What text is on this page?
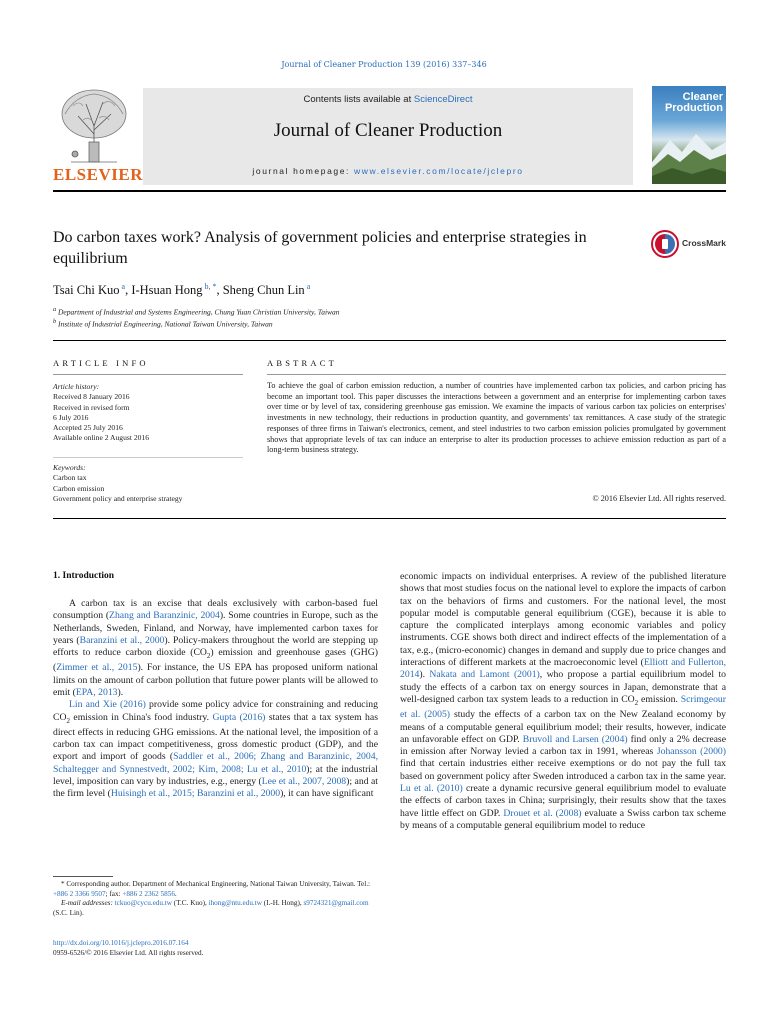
Journal of Cleaner Production 139 (2016) 337–346
ELSEVIER
Contents lists available at ScienceDirect
Journal of Cleaner Production
journal homepage: www.elsevier.com/locate/jclepro
Cleaner
Production
Do carbon taxes work? Analysis of government policies and enterprise strategies in equilibrium
CrossMark
Tsai Chi Kuo $^a$, I-Hsuan Hong $^{b, *}$, Sheng Chun Lin $^a$
$^a$ Department of Industrial and Systems Engineering, Chung Yuan Christian University, Taiwan
$^b$ Institute of Industrial Engineering, National Taiwan University, Taiwan
ARTICLE INFO
Article history:
Received 8 January 2016
Received in revised form
6 July 2016
Accepted 25 July 2016
Available online 2 August 2016
Keywords:
Carbon tax
Carbon emission
Government policy and enterprise strategy
ABSTRACT
To achieve the goal of carbon emission reduction, a number of countries have implemented carbon tax policies, and carbon pricing has become an important tool. This paper discusses the interactions between a government and an enterprise for implementing carbon taxes over time or by level of tax, considering greenhouse gas emission. We examine the impacts of various carbon tax policies on enterprises' investments in new technology, their reductions in production quantity, and governments' tax remittances. A case study of the strategic responses of three firms in Taiwan's electronics, cement, and steel industries to two carbon emission policies promulgated by government shows that appropriate levels of tax can induce an enterprise to alter its production processes to achieve emission reduction as part of a long-term business strategy.
© 2016 Elsevier Ltd. All rights reserved.
1. Introduction

A carbon tax is an excise that deals exclusively with carbon-based fuel consumption (Zhang and Baranzinic, 2004). Some countries in Europe, such as the Netherlands, Sweden, Finland, and Norway, have implemented carbon taxes for years (Baranzini et al., 2000). Policy-makers throughout the world are stepping up efforts to reduce carbon dioxide $(CO_2)$ emission and greenhouse gases (GHG) (Zimmer et al., 2015). For instance, the US EPA has proposed uniform national limits on the amount of carbon pollution that future power plants will be allowed to emit (EPA, 2013).

Lin and Xie (2016) provide some policy advice for constraining and reducing $CO_2$ emission in China's food industry. Gupta (2016) states that a tax system has direct effects in reducing GHG emissions. At the national level, the imposition of a carbon tax can impact competitiveness, gross domestic product (GDP), and the export and import of goods (Saddler et al., 2006; Zhang and Baranzinic, 2004, Schaltegger and Synnestvedt, 2002; Kim, 2008; Lu et al., 2010); at the industrial level, imposition can vary by industries, e.g., energy (Lee et al., 2007, 2008); and at the firm level (Huisingh et al., 2015; Baranzini et al., 2000), it can have significant

economic impacts on individual enterprises. A review of the published literature shows that most studies focus on the national level to explore the impacts of carbon tax on the behaviors of firms and customers. For the national level, the most popular model is computable general equilibrium (CGE), because it is able to capture the complicated interplays among economic variables and policy instruments. CGE shows both direct and indirect effects of the implementation of a tax, e.g., (micro-economic) changes in demand and supply due to price changes and interactions of different markets at the macroeconomic level (Elliott and Fullerton, 2014). Nakata and Lamont (2001), who propose a partial equilibrium model to study the effects of a carbon tax on energy sources in Japan, demonstrate that a well-designed carbon tax system leads to a reduction in $CO_2$ emission. Scrimgeour et al. (2005) study the effects of a carbon tax on the New Zealand economy by means of a computable general equilibrium model; their results, however, indicate an unfavorable effect on GDP. Bruvoll and Larsen (2004) find only a 2% decrease in emission after Norway levied a carbon tax in 1991, whereas Johansson (2000) find that certain industries either receive exemptions or do not pay the full tax based on government policy after Sweden introduced a carbon tax in the same year. Lu et al. (2010) create a dynamic recursive general equilibrium model to evaluate the effects of carbon taxes in China; surprisingly, their results show that the taxes have little effect on GDP. Drouet et al. (2008) evaluate a Swiss carbon tax scheme by means of a computable general equilibrium model to reduce

* Corresponding author. Department of Mechanical Engineering, National Taiwan University, Taiwan. Tel.: +886 2 3366 9507; fax: +886 2 2362 5856.
E-mail addresses: tckuo@cycu.edu.tw (T.C. Kuo), ihong@ntu.edu.tw (I.-H. Hong), s9724321@gmail.com (S.C. Lin).
http://dx.doi.org/10.1016/j.jclepro.2016.07.164
0959-6526/© 2016 Elsevier Ltd. All rights reserved.
